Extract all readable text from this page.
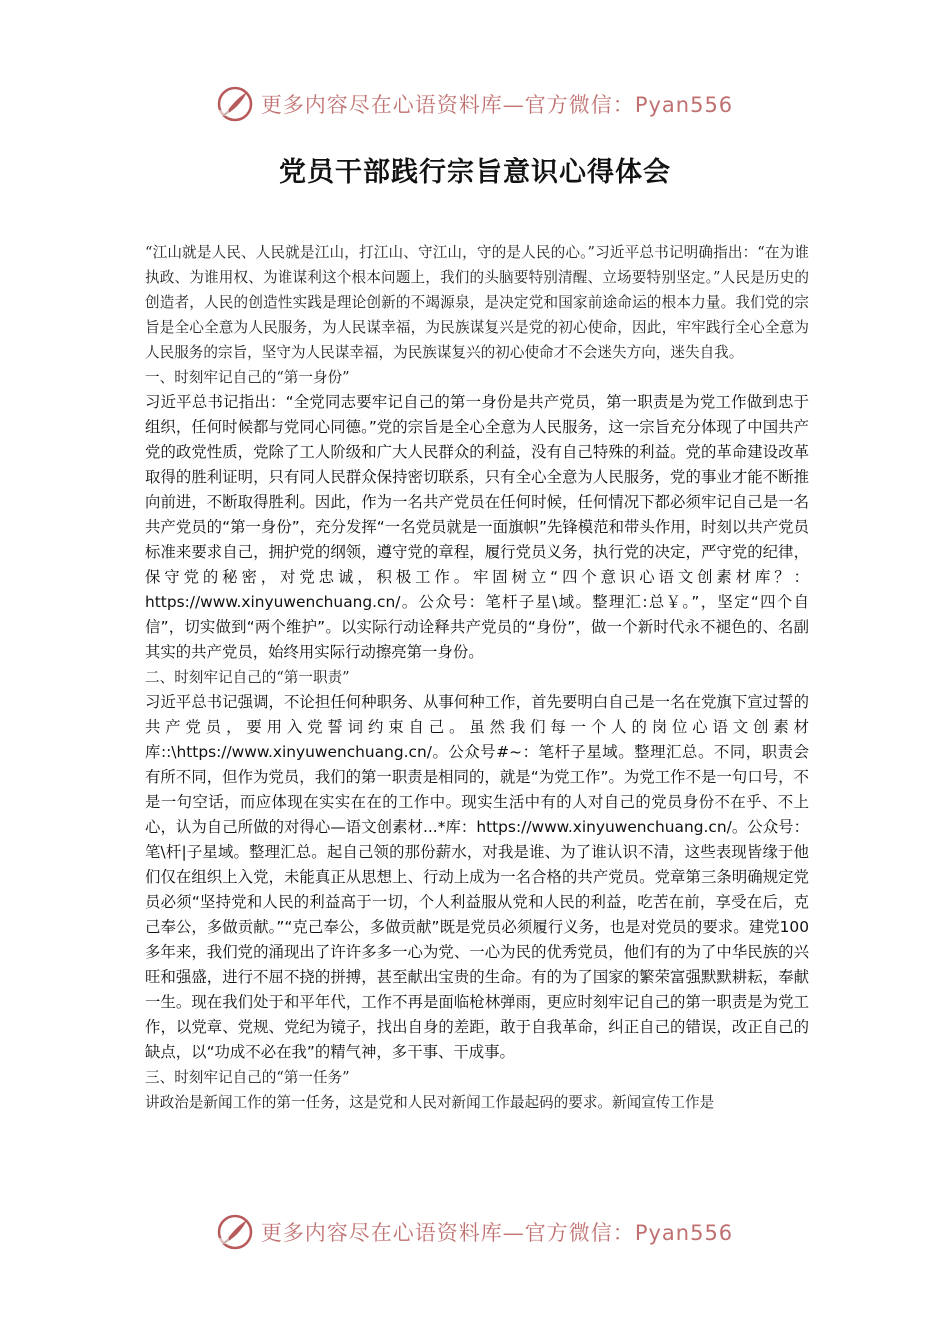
更多内容尽在心语资料库—官方微信：Pyan556
党员干部践行宗旨意识心得体会

“江山就是人民、人民就是江山，打江山、守江山，守的是人民的心。”习近平总书记明确指出：“在为谁执政、为谁用权、为谁谋利这个根本问题上，我们的头脑要特别清醒、立场要特别坚定。”人民是历史的创造者，人民的创造性实践是理论创新的不竭源泉，是决定党和国家前途命运的根本力量。我们党的宗旨是全心全意为人民服务，为人民谋幸福，为民族谋复兴是党的初心使命，因此，牢牢践行全心全意为人民服务的宗旨，坚守为人民谋幸福，为民族谋复兴的初心使命才不会迷失方向，迷失自我。

一、时刻牢记自己的“第一身份”

习近平总书记指出：“全党同志要牢记自己的第一身份是共产党员，第一职责是为党工作做到忠于组织，任何时候都与党同心同德。”党的宗旨是全心全意为人民服务，这一宗旨充分体现了中国共产党的政党性质，党除了工人阶级和广大人民群众的利益，没有自己特殊的利益。党的革命建设改革取得的胜利证明，只有同人民群众保持密切联系，只有全心全意为人民服务，党的事业才能不断推向前进，不断取得胜利。因此，作为一名共产党员在任何时候，任何情况下都必须牢记自己是一名共产党员的“第一身份”，充分发挥“一名党员就是一面旗帜”先锋模范和带头作用，时刻以共产党员标准来要求自己，拥护党的纲领，遵守党的章程，履行党员义务，执行党的决定，严守党的纪律，保守党的秘密，对党忠诚，积极工作。牢固树立“四个意识心语文创素材库？：https://www.xinyuwenchuang.cn/。公众号：笔杆子星\域。整理汇:总￥。”，坚定“四个自信”，切实做到“两个维护”。以实际行动诠释共产党员的“身份”，做一个新时代永不褪色的、名副其实的共产党员，始终用实际行动擦亮第一身份。

二、时刻牢记自己的“第一职责”

习近平总书记强调，不论担任何种职务、从事何种工作，首先要明白自己是一名在党旗下宣过誓的共产党员，要用入党誓词约束自己。虽然我们每一个人的岗位心语文创素材库::\https://www.xinyuwenchuang.cn/。公众号#~：笔杆子星域。整理汇总。不同，职责会有所不同，但作为党员，我们的第一职责是相同的，就是“为党工作”。为党工作不是一句口号，不是一句空话，而应体现在实实在在的工作中。现实生活中有的人对自己的党员身份不在乎、不上心，认为自己所做的对得心—语文创素材...*库：https://www.xinyuwenchuang.cn/。公众号：笔\杆|子星域。整理汇总。起自己领的那份薪水，对我是谁、为了谁认识不清，这些表现皆缘于他们仅在组织上入党，未能真正从思想上、行动上成为一名合格的共产党员。党章第三条明确规定党员必须“坚持党和人民的利益高于一切，个人利益服从党和人民的利益，吃苦在前，享受在后，克己奉公，多做贡献。”“克己奉公，多做贡献”既是党员必须履行义务，也是对党员的要求。建党100多年来，我们党的涌现出了许许多多一心为党、一心为民的优秀党员，他们有的为了中华民族的兴旺和强盛，进行不屈不挠的拼搏，甚至献出宝贵的生命。有的为了国家的繁荣富强默默耕耘，奉献一生。现在我们处于和平年代，工作不再是面临枪林弹雨，更应时刻牢记自己的第一职责是为党工作，以党章、党规、党纪为镜子，找出自身的差距，敢于自我革命，纠正自己的错误，改正自己的缺点，以“功成不必在我”的精气神，多干事、干成事。

三、时刻牢记自己的“第一任务”

讲政治是新闻工作的第一任务，这是党和人民对新闻工作最起码的要求。新闻宣传工作是

更多内容尽在心语资料库—官方微信：Pyan556
